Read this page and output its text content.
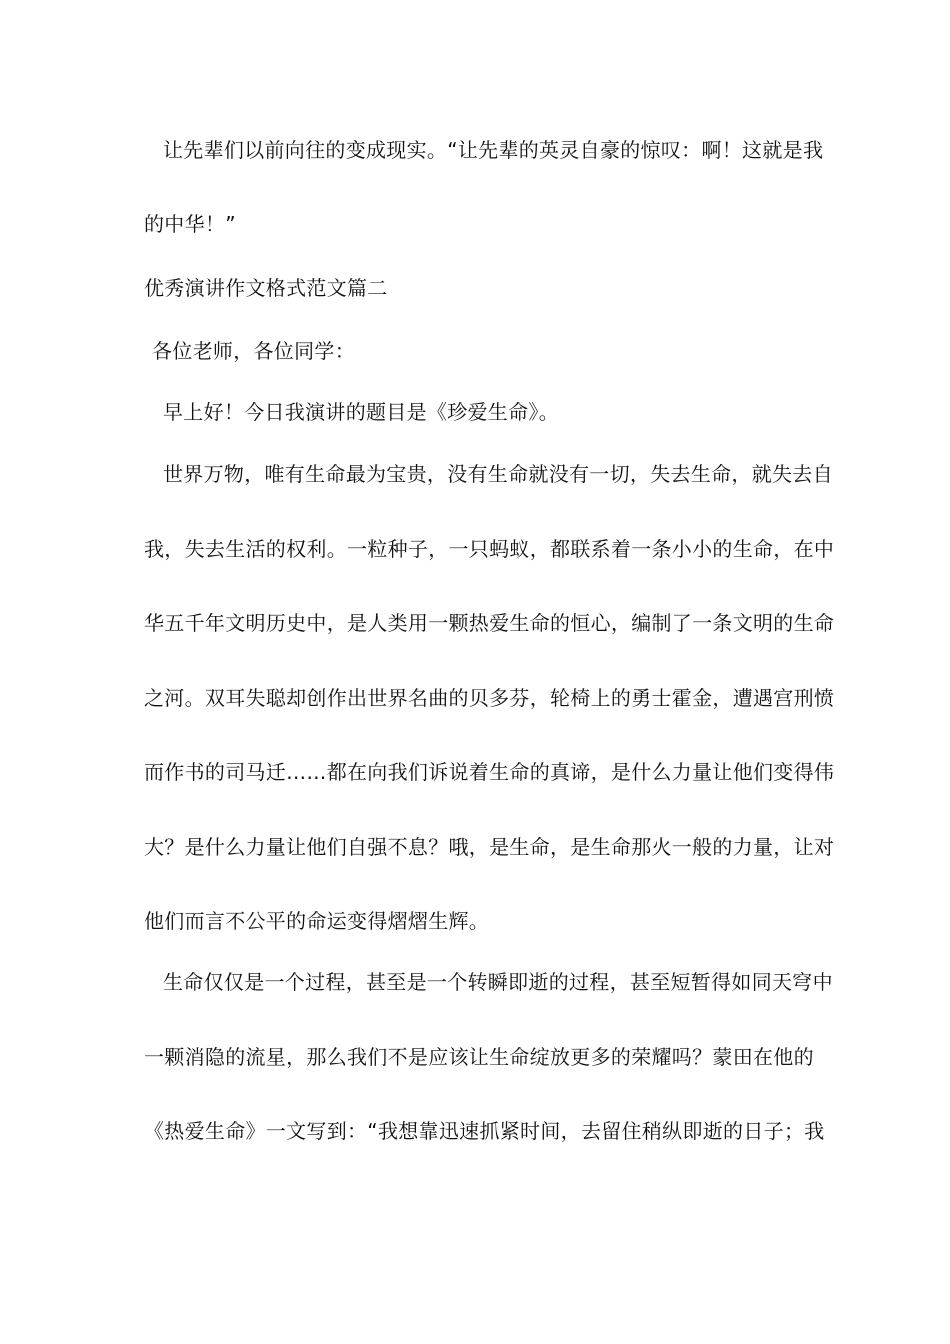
让先辈们以前向往的变成现实。“让先辈的英灵自豪的惊叹：啊！这就是我
的中华！”
优秀演讲作文格式范文篇二
各位老师，各位同学：
早上好！今日我演讲的题目是《珍爱生命》。
世界万物，唯有生命最为宝贵，没有生命就没有一切，失去生命，就失去自
我，失去生活的权利。一粒种子，一只蚂蚁，都联系着一条小小的生命，在中
华五千年文明历史中，是人类用一颗热爱生命的恒心，编制了一条文明的生命
之河。双耳失聪却创作出世界名曲的贝多芬，轮椅上的勇士霍金，遭遇宫刑愤
而作书的司马迁……都在向我们诉说着生命的真谛，是什么力量让他们变得伟
大？是什么力量让他们自强不息？哦，是生命，是生命那火一般的力量，让对
他们而言不公平的命运变得熠熠生辉。
生命仅仅是一个过程，甚至是一个转瞬即逝的过程，甚至短暂得如同天穹中
一颗消隐的流星，那么我们不是应该让生命绽放更多的荣耀吗？蒙田在他的
《热爱生命》一文写到：“我想靠迅速抓紧时间，去留住稍纵即逝的日子；我
